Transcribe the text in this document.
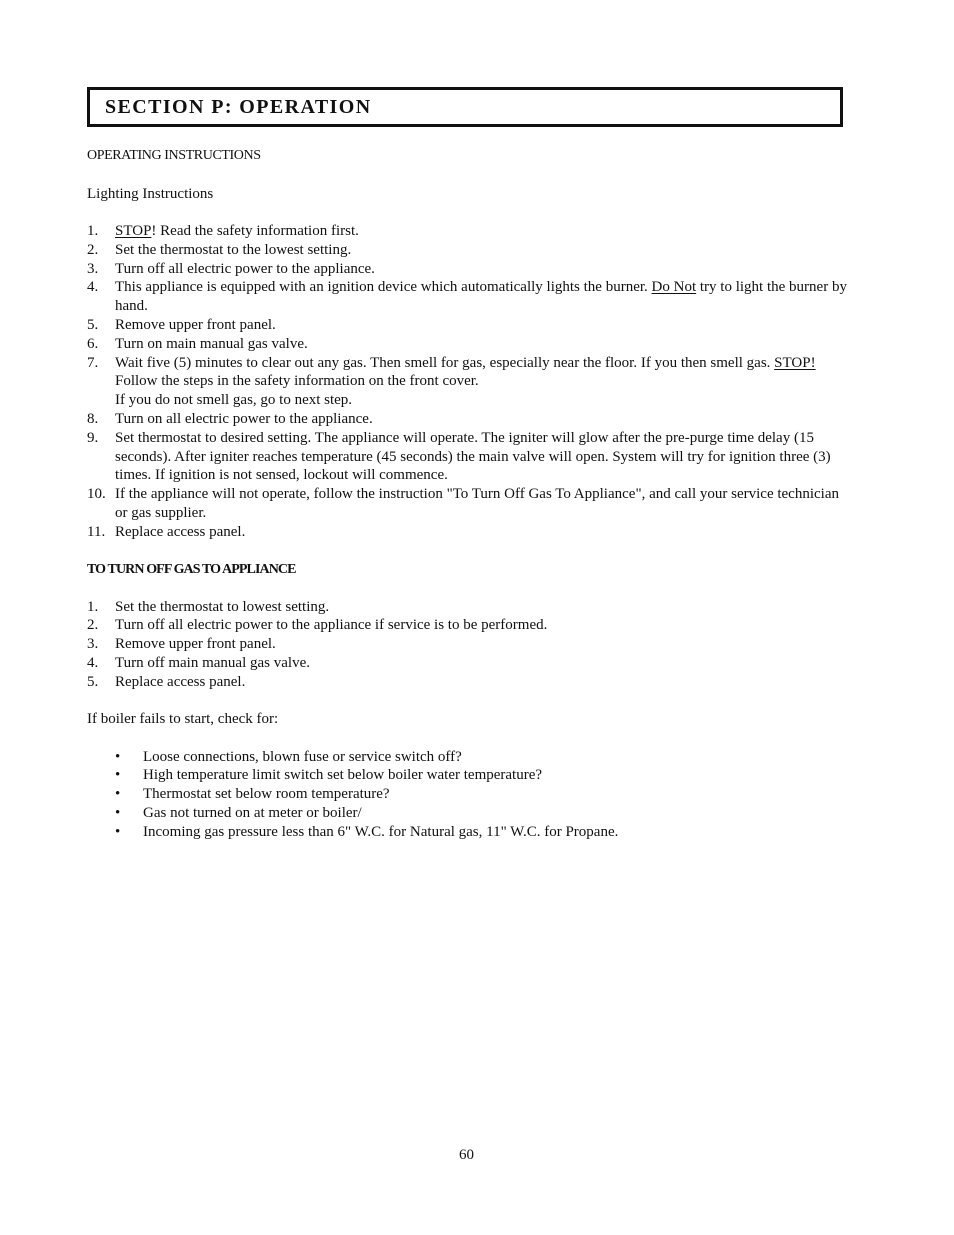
SECTION P: OPERATION

OPERATING INSTRUCTIONS

Lighting Instructions

1. STOP! Read the safety information first.
2. Set the thermostat to the lowest setting.
3. Turn off all electric power to the appliance.
4. This appliance is equipped with an ignition device which automatically lights the burner. Do Not try to light the burner by hand.
5. Remove upper front panel.
6. Turn on main manual gas valve.
7. Wait five (5) minutes to clear out any gas. Then smell for gas, especially near the floor. If you then smell gas. STOP! Follow the steps in the safety information on the front cover.
If you do not smell gas, go to next step.
8. Turn on all electric power to the appliance.
9. Set thermostat to desired setting. The appliance will operate. The igniter will glow after the pre-purge time delay (15 seconds). After igniter reaches temperature (45 seconds) the main valve will open. System will try for ignition three (3) times. If ignition is not sensed, lockout will commence.
10. If the appliance will not operate, follow the instruction "To Turn Off Gas To Appliance", and call your service technician or gas supplier.
11. Replace access panel.

TO TURN OFF GAS TO APPLIANCE

1. Set the thermostat to lowest setting.
2. Turn off all electric power to the appliance if service is to be performed.
3. Remove upper front panel.
4. Turn off main manual gas valve.
5. Replace access panel.

If boiler fails to start, check for:

• Loose connections, blown fuse or service switch off?
• High temperature limit switch set below boiler water temperature?
• Thermostat set below room temperature?
• Gas not turned on at meter or boiler/
• Incoming gas pressure less than 6" W.C. for Natural gas, 11" W.C. for Propane.
60
